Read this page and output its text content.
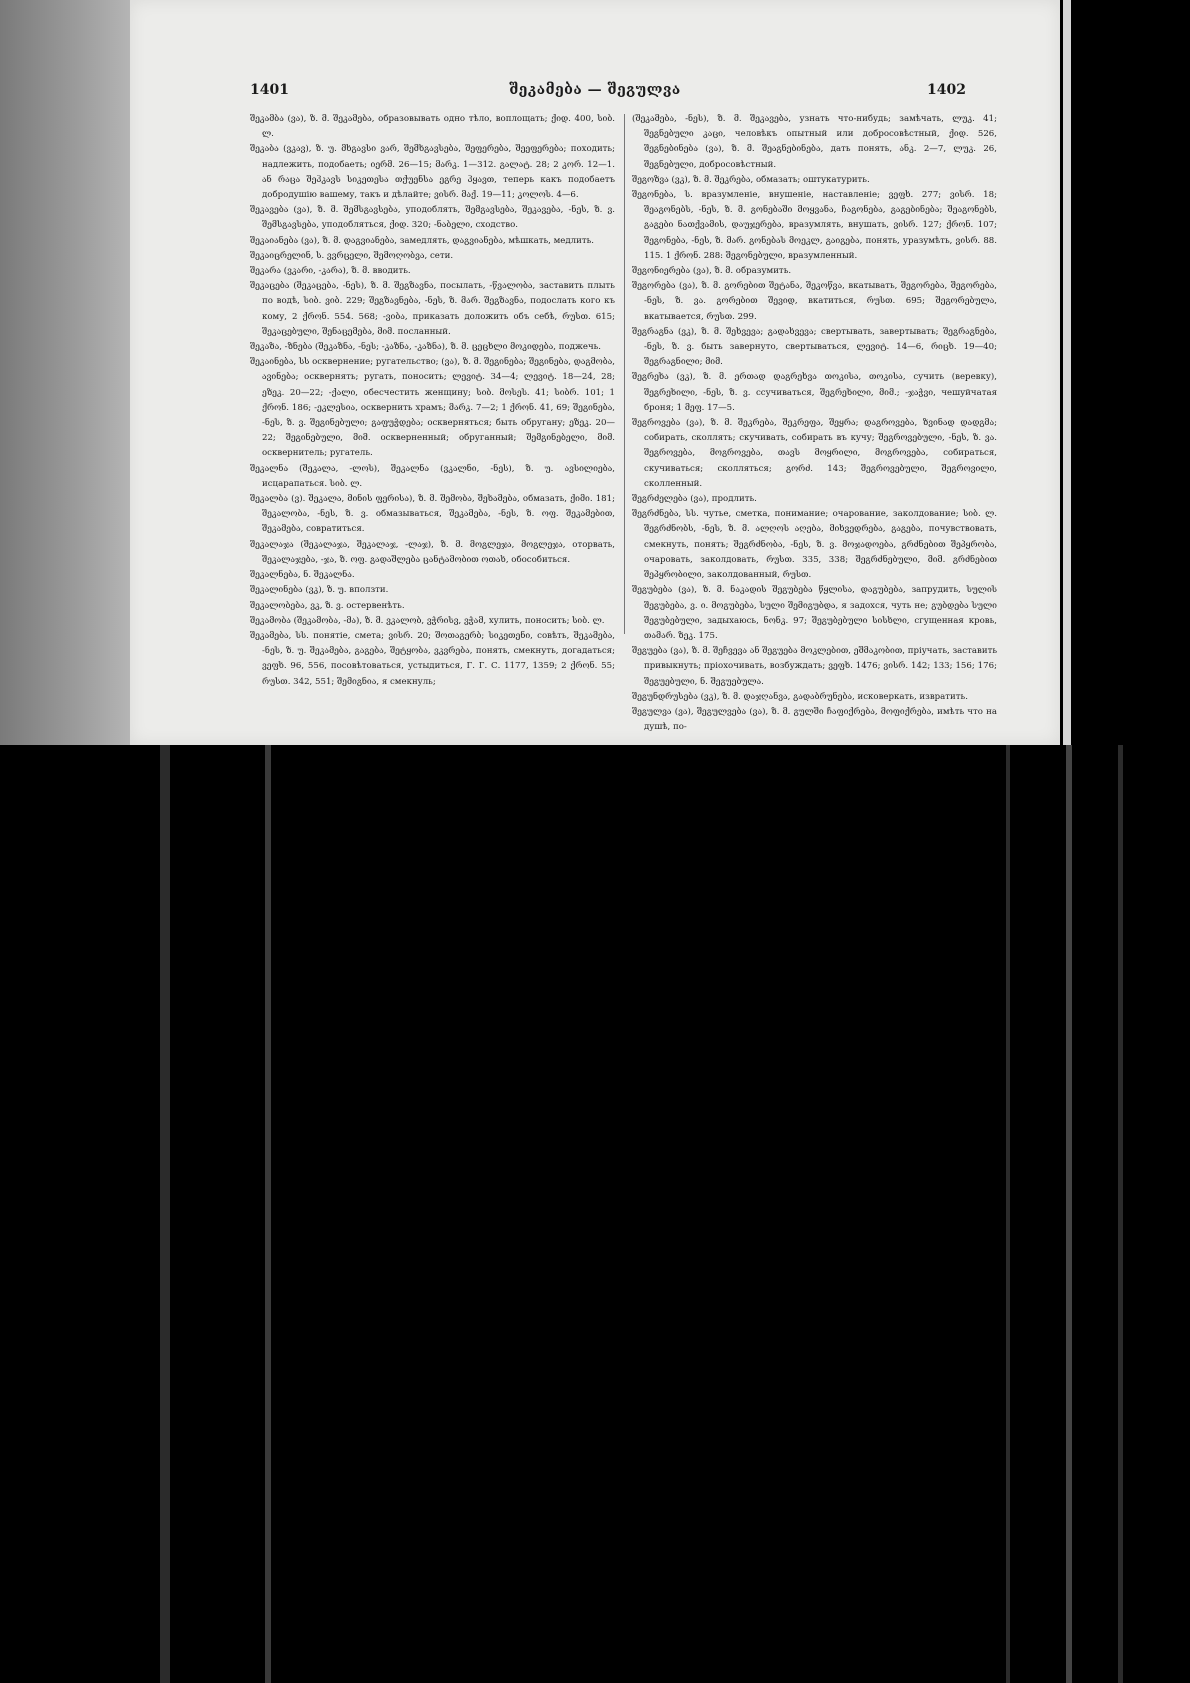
1401	შეკამება — შეგულვა	1402

შეკამბა (ვა), ზ. მ. შეკამება, образовывать одно тѣло, воплощать; ქიდ. 400, სიბ. ლ.

შეკაბა (ვკავ), ზ. უ. მხგავსი ვარ, შემხგავსება, შეფერება, შეეფერება; походить; надлежить, подобаеть; იერმ. 26—15; მარკ. 1—312. გალატ. 28; 2 კორ. 12—1. ან რაცა შეჰკავს სიკეთესა თქუენსა ეგრე ჰყავთ, теперь какъ подобаетъ добродушію вашему, такъ и дѣлайте; ვისრ. მაქ. 19—11; კოლოს. 4—6.

შეკავება (ვა), ზ. მ. შემსგავსება, уподоблять, შემგავსება, შეკავება, -ნეს, ზ. ვ. შემსგავსება, уподобляться, ქიდ. 320; -ნაბელი, сходство.

შეკაიანება (ვა), ზ. მ. დაგვიანება, замедлять, დაგვიანება, мѣшкать, медлить.

შეკაიცრელინ, ს. ვვრცელი, შემოღობვა, сети.

შეკარა (ვკარი, -კარა), ზ. მ. вводить.

შეკაცება (შეკაცება, -ნეს), ზ. მ. შეგზავნა, посылать, -წვალობა, заставить плыть по водѣ, სიბ. ვიბ. 229; შეგზავნება, -ნეს, ზ. მარ. შეგზავნა, подослать кого къ кому, 2 ქრონ. 554. 568; -ვიბა, приказать доложить объ себѣ, რუსთ. 615; შეკაცებული, შენაცემება, მიმ. посланный.

შეკაზა, -ზნება (შეკაზნა, -ნეს; -კაზნა, -კაზნა), ზ. მ. ცეცხლი მოკიდება, поджечь.

შეკაინება, სს осквернение; ругательство; (ვა), ზ. მ. შეგინება; შეგინება, დაგმობა, ავინება; осквернять; ругать, поносить; ლევიტ. 34—4; ლევიტ. 18—24, 28; ეზეკ. 20—22; -ქალი, обесчестить женщину; სიბ. მოსეს. 41; სიბრ. 101; 1 ქრონ. 186; -ეკლესია, осквернить храмъ; მარკ. 7—2; 1 ქრონ. 41, 69; შეგინება, -ნეს, ზ. ვ. შეგინებული; გაფუჭდება; оскверняться; быть обругану; ეზეკ. 20—22; შეგინებული, მიმ. оскверненный; обруганный; შემგინებელი, მიმ. осквернитель; ругатель.

შეკალნა (შეკალა, -ლოს), შეკალნა (ვკალნი, -ნეს), ზ. უ. ავსილიება, исцарапаться. სიბ. ლ.

შეკალბა (ვ). შეკალა, მინის ფერისა), ზ. მ. შემობა, შეხამება, обмазать, ქიმი. 181; შეკალობა, -ნეს, ზ. ვ. обмазываться, შეკამება, -ნეს, ზ. ოფ. შეკამებით, შეკამება, совратиться.

შეკალაჯა (შეკალაჯა, შეკალაჯ, -ლაჯ), ზ. მ. მოგლეჯა, მოგლეჯა, оторвать, შეკალაჯება, -ჯა, ზ. ოფ. გადაშლება ცანტამობით ოთახ, обособиться.

შეკალნება, ნ. შეკალნა.

შეკალინება (ვკ), ზ. უ. вползти.

შეკალობება, ვკ, ზ. ვ. остервенѣть.

შეკამობა (შეკამობა, -მა), ზ. მ. ვკალობ, ვჭრისვ, ვჭამ, хулить, поносить; სიბ. ლ.

შეკამება, სს. понятіе, смета; ვისრ. 20; შოთაგერბ; სიკეთენი, совѣть, შეკამება, -ნეს, ზ. უ. შეკამება, გაგება, შეტყობა, ვკვრება, понять, смекнуть, догадаться; ვეფხ. 96, 556, посовѣтоваться, устыдиться, Г. Г. С. 1177, 1359; 2 ქრონ. 55; რუსთ. 342, 551; შემიგნია, я смекнуль;

(შეკამება, -ნეს), ზ. მ. შეკავება, узнать что-нибудь; замѣчать, ლუკ. 41; შეგნებული კაცი, человѣкъ опытный или добросовѣстный, ქიდ. 526, შეგნებინება (ვა), ზ. მ. შეაგნებინება, дать понять, ანკ. 2—7, ლუკ. 26, შეგნებული, добросовѣстный.

შეგოზვა (ვკ), ზ. მ. შეკრება, обмазать; оштукатурить.

შეგონება, ს. вразумленіе, внушеніе, наставленіе; ვეფხ. 277; ვისრ. 18; შეაგონებს, -ნეს, ზ. მ. გონებაში მოყვანა, ჩაგონება, გაგებინება; შეაგონებს, გაგები ნათქვამის, დაუჯერება, вразумлять, внушать, ვისრ. 127; ქრონ. 107; შეგონება, -ნეს, ზ. მარ. გონებას მოეკლ, გაიგება, понять, уразумѣть, ვისრ. 88. 115. 1 ქრონ. 288: შეგონებული, вразумленный.

შეგონიერება (ვა), ზ. მ. образумить.

შეგორება (ვა), ზ. მ. გორებით შეტანა, შეკოწვა, вкатывать, შეგორება, შეგორება, -ნეს, ზ. ვა. გორებით შევიდ, вкатиться, რუსთ. 695; შეგორებულა, вкатывается, რუსთ. 299.

შეგრაგნა (ვკ), ზ. მ. შეხვევა; გადახვევა; свертывать, завертывать; შეგრაგნება, -ნეს, ზ. ვ. быть завернуто, свертываться, ლევიტ. 14—6, რიცხ. 19—40; შეგრაგნილი; მიმ.

შეგრეხა (ვკ), ზ. მ. ერთად დაგრეხვა თოკისა, თოკისა, сучить (веревку), შეგრეხილი, -ნეს, ზ. ვ. ссучиваться, შეგრეხილი, მიმ.; -ჯაჭვი, чешуйчатая броня; 1 მეფ. 17—5.

შეგროვება (ვა), ზ. მ. შეკრება, შეკრეფა, შეყრა; დაგროვება, ზვინად დადგმა; собирать, сколлять; скучивать, собирать въ кучу; შეგროვებული, -ნეს, ზ. ვა. შეგროვება, მოგროვება, თავს მოყრილი, მოგროვება, собираться, скучиваться; сколляться; გორძ. 143; შეგროვებული, შეგროვილი, сколленный.

შეგრძელება (ვა), продлить.

შეგრძნება, სს. чутье, сметка, понимание; очарование, заколдование; სიბ. ლ. შეგრძნობს, -ნეს, ზ. მ. ალღოს აღება, მიხვედრება, გაგება, почувствовать, смекнуть, понять; შეგრძნობა, -ნეს, ზ. ვ. მოჯადოება, გრძნებით შეპყრობა, очаровать, заколдовать, რუსთ. 335, 338; შეგრძნებული, მიმ. გრძნებით შეპყრობილი, заколдованный, რუსთ.

შეგუბება (ვა), ზ. მ. ნაკადის შეგუბება წყლისა, დაგუბება, запрудить, სულის შეგუბება, ვ. ი. მოგუბება, სული შემიგუბდა, я задохся, чуть не; გუბდება სული შეგუბებული, задыхаюсь, ნონკ. 97; შეგუბებული სისხლი, сгущенная кровь, თამარ. ზეკ. 175.

შეგუება (ვა), ზ. მ. შეჩვევა ან შეგუება მოკლებით, ეშმაკობით, пріучать, заставить привыкнуть; пріохочивать, возбуждать; ვეფხ. 1476; ვისრ. 142; 133; 156; 176; შეგუებული, ნ. შეგუებულა.

შეგუნდრუსება (ვკ), ზ. მ. დაჯღანვა, გადაბრუნება, исковеркать, извратить.

შეგულვა (ვა), შეგულვება (ვა), ზ. მ. გულში ჩაფიქრება, მოფიქრება, имѣть что на душѣ, по-
